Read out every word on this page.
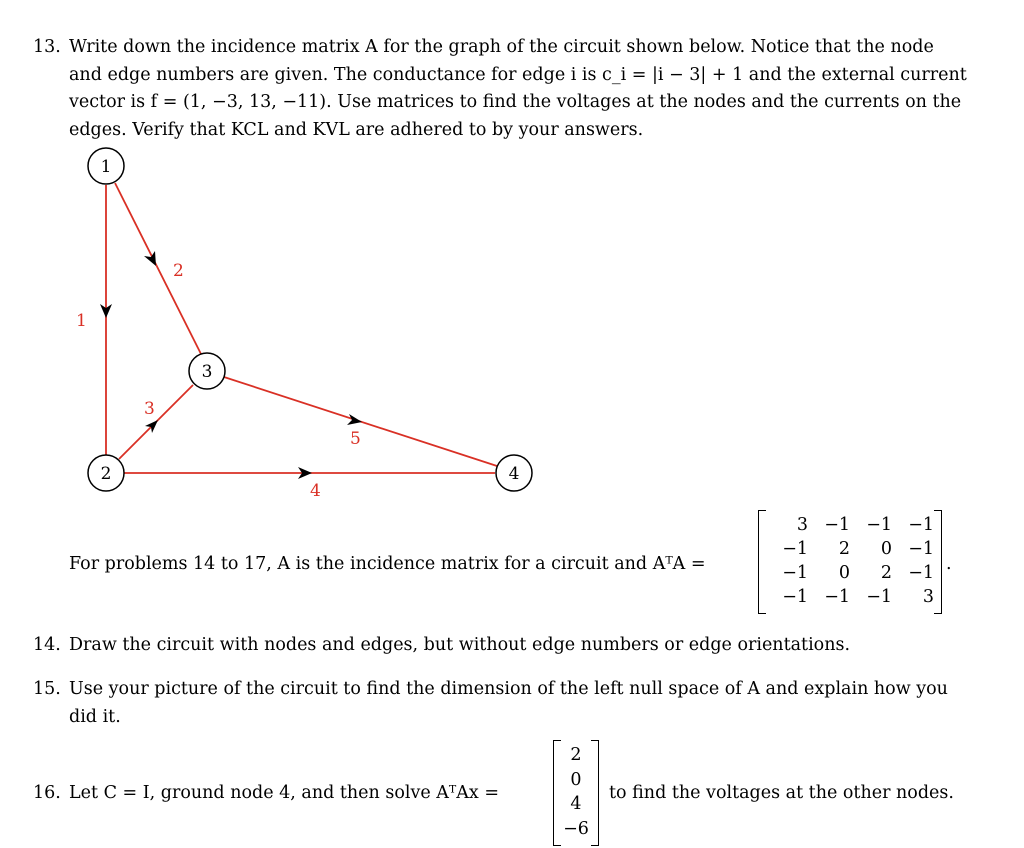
13. Write down the incidence matrix A for the graph of the circuit shown below. Notice that the node
and edge numbers are given. The conductance for edge i is c_i = |i − 3| + 1 and the external current
vector is f = (1, −3, 13, −11). Use matrices to find the voltages at the nodes and the currents on the
edges. Verify that KCL and KVL are adhered to by your answers.
1
2
3
4
5
1
2
3
4
For problems 14 to 17, A is the incidence matrix for a circuit and AᵀA =
3 −1 −1 −1
−1	2	0 −1
−1	0	2 −1
−1 −1 −1	3
.
14. Draw the circuit with nodes and edges, but without edge numbers or edge orientations.
15. Use your picture of the circuit to find the dimension of the left null space of A and explain how you
did it.
16. Let C = I, ground node 4, and then solve AᵀAx =
2
0
4
−6
to find the voltages at the other nodes.
